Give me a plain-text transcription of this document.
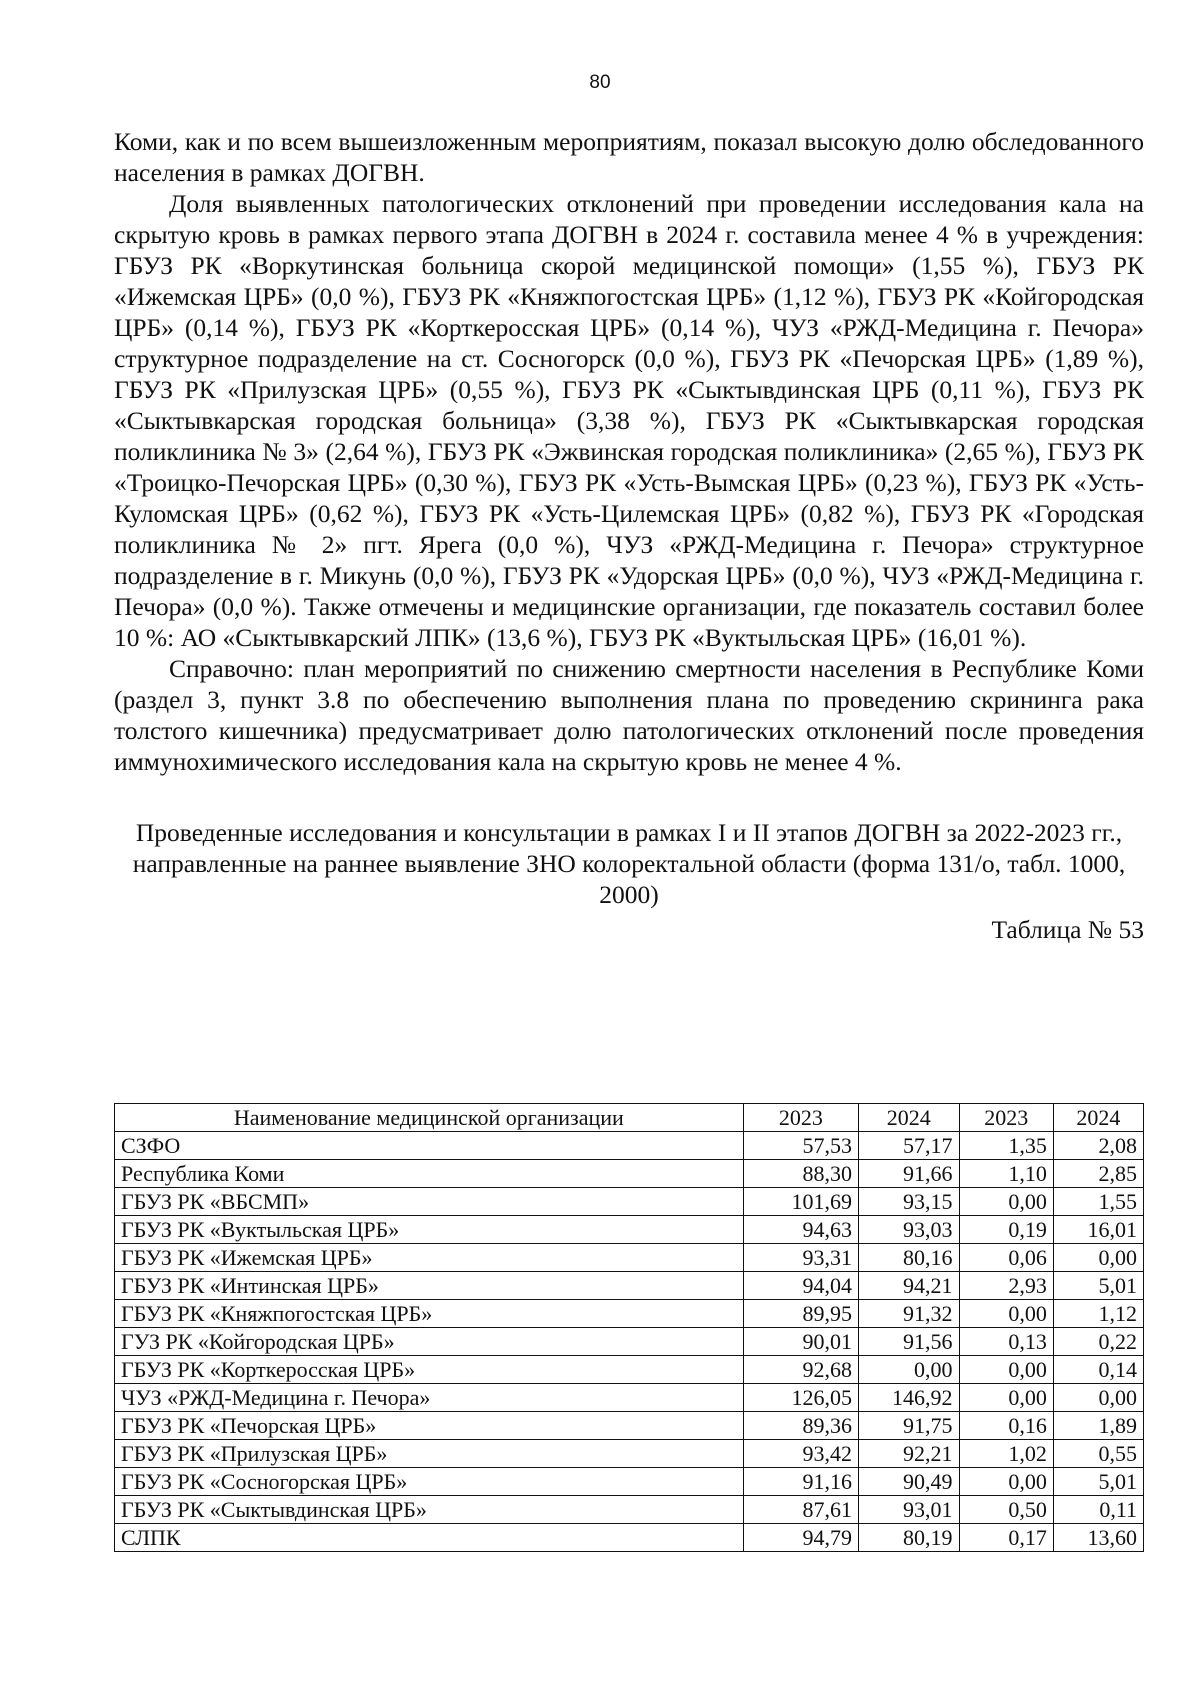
80

Коми, как и по всем вышеизложенным мероприятиям, показал высокую долю обследованного населения в рамках ДОГВН.

Доля выявленных патологических отклонений при проведении исследования кала на скрытую кровь в рамках первого этапа ДОГВН в 2024 г. составила менее 4 % в учреждения: ГБУЗ РК «Воркутинская больница скорой медицинской помощи» (1,55 %), ГБУЗ РК «Ижемская ЦРБ» (0,0 %), ГБУЗ РК «Княжпогостская ЦРБ» (1,12 %), ГБУЗ РК «Койгородская ЦРБ» (0,14 %), ГБУЗ РК «Корткеросская ЦРБ» (0,14 %), ЧУЗ «РЖД-Медицина г. Печора» структурное подразделение на ст. Сосногорск (0,0 %), ГБУЗ РК «Печорская ЦРБ» (1,89 %), ГБУЗ РК «Прилузская ЦРБ» (0,55 %), ГБУЗ РК «Сыктывдинская ЦРБ (0,11 %), ГБУЗ РК «Сыктывкарская городская больница» (3,38 %), ГБУЗ РК «Сыктывкарская городская поликлиника № 3» (2,64 %), ГБУЗ РК «Эжвинская городская поликлиника» (2,65 %), ГБУЗ РК «Троицко-Печорская ЦРБ» (0,30 %), ГБУЗ РК «Усть-Вымская ЦРБ» (0,23 %), ГБУЗ РК «Усть-Куломская ЦРБ» (0,62 %), ГБУЗ РК «Усть-Цилемская ЦРБ» (0,82 %), ГБУЗ РК «Городская поликлиника № 2» пгт. Ярега (0,0 %), ЧУЗ «РЖД-Медицина г. Печора» структурное подразделение в г. Микунь (0,0 %), ГБУЗ РК «Удорская ЦРБ» (0,0 %), ЧУЗ «РЖД-Медицина г. Печора» (0,0 %). Также отмечены и медицинские организации, где показатель составил более 10 %: АО «Сыктывкарский ЛПК» (13,6 %), ГБУЗ РК «Вуктыльская ЦРБ» (16,01 %).

Справочно: план мероприятий по снижению смертности населения в Республике Коми (раздел 3, пункт 3.8 по обеспечению выполнения плана по проведению скрининга рака толстого кишечника) предусматривает долю патологических отклонений после проведения иммунохимического исследования кала на скрытую кровь не менее 4 %.

Проведенные исследования и консультации в рамках I и II этапов ДОГВН за 2022-2023 гг., направленные на раннее выявление ЗНО колоректальной области (форма 131/о, табл. 1000, 2000)

Таблица № 53

Наименование медицинской организации	2023	2024	2023	2024
СЗФО	57,53	57,17	1,35	2,08
Республика Коми	88,30	91,66	1,10	2,85
ГБУЗ РК «ВБСМП»	101,69	93,15	0,00	1,55
ГБУЗ РК «Вуктыльская ЦРБ»	94,63	93,03	0,19	16,01
ГБУЗ РК «Ижемская ЦРБ»	93,31	80,16	0,06	0,00
ГБУЗ РК «Интинская ЦРБ»	94,04	94,21	2,93	5,01
ГБУЗ РК «Княжпогостская ЦРБ»	89,95	91,32	0,00	1,12
ГУЗ РК «Койгородская ЦРБ»	90,01	91,56	0,13	0,22
ГБУЗ РК «Корткеросская ЦРБ»	92,68	0,00	0,00	0,14
ЧУЗ «РЖД-Медицина г. Печора»	126,05	146,92	0,00	0,00
ГБУЗ РК «Печорская ЦРБ»	89,36	91,75	0,16	1,89
ГБУЗ РК «Прилузская ЦРБ»	93,42	92,21	1,02	0,55
ГБУЗ РК «Сосногорская ЦРБ»	91,16	90,49	0,00	5,01
ГБУЗ РК «Сыктывдинская ЦРБ»	87,61	93,01	0,50	0,11
СЛПК	94,79	80,19	0,17	13,60
